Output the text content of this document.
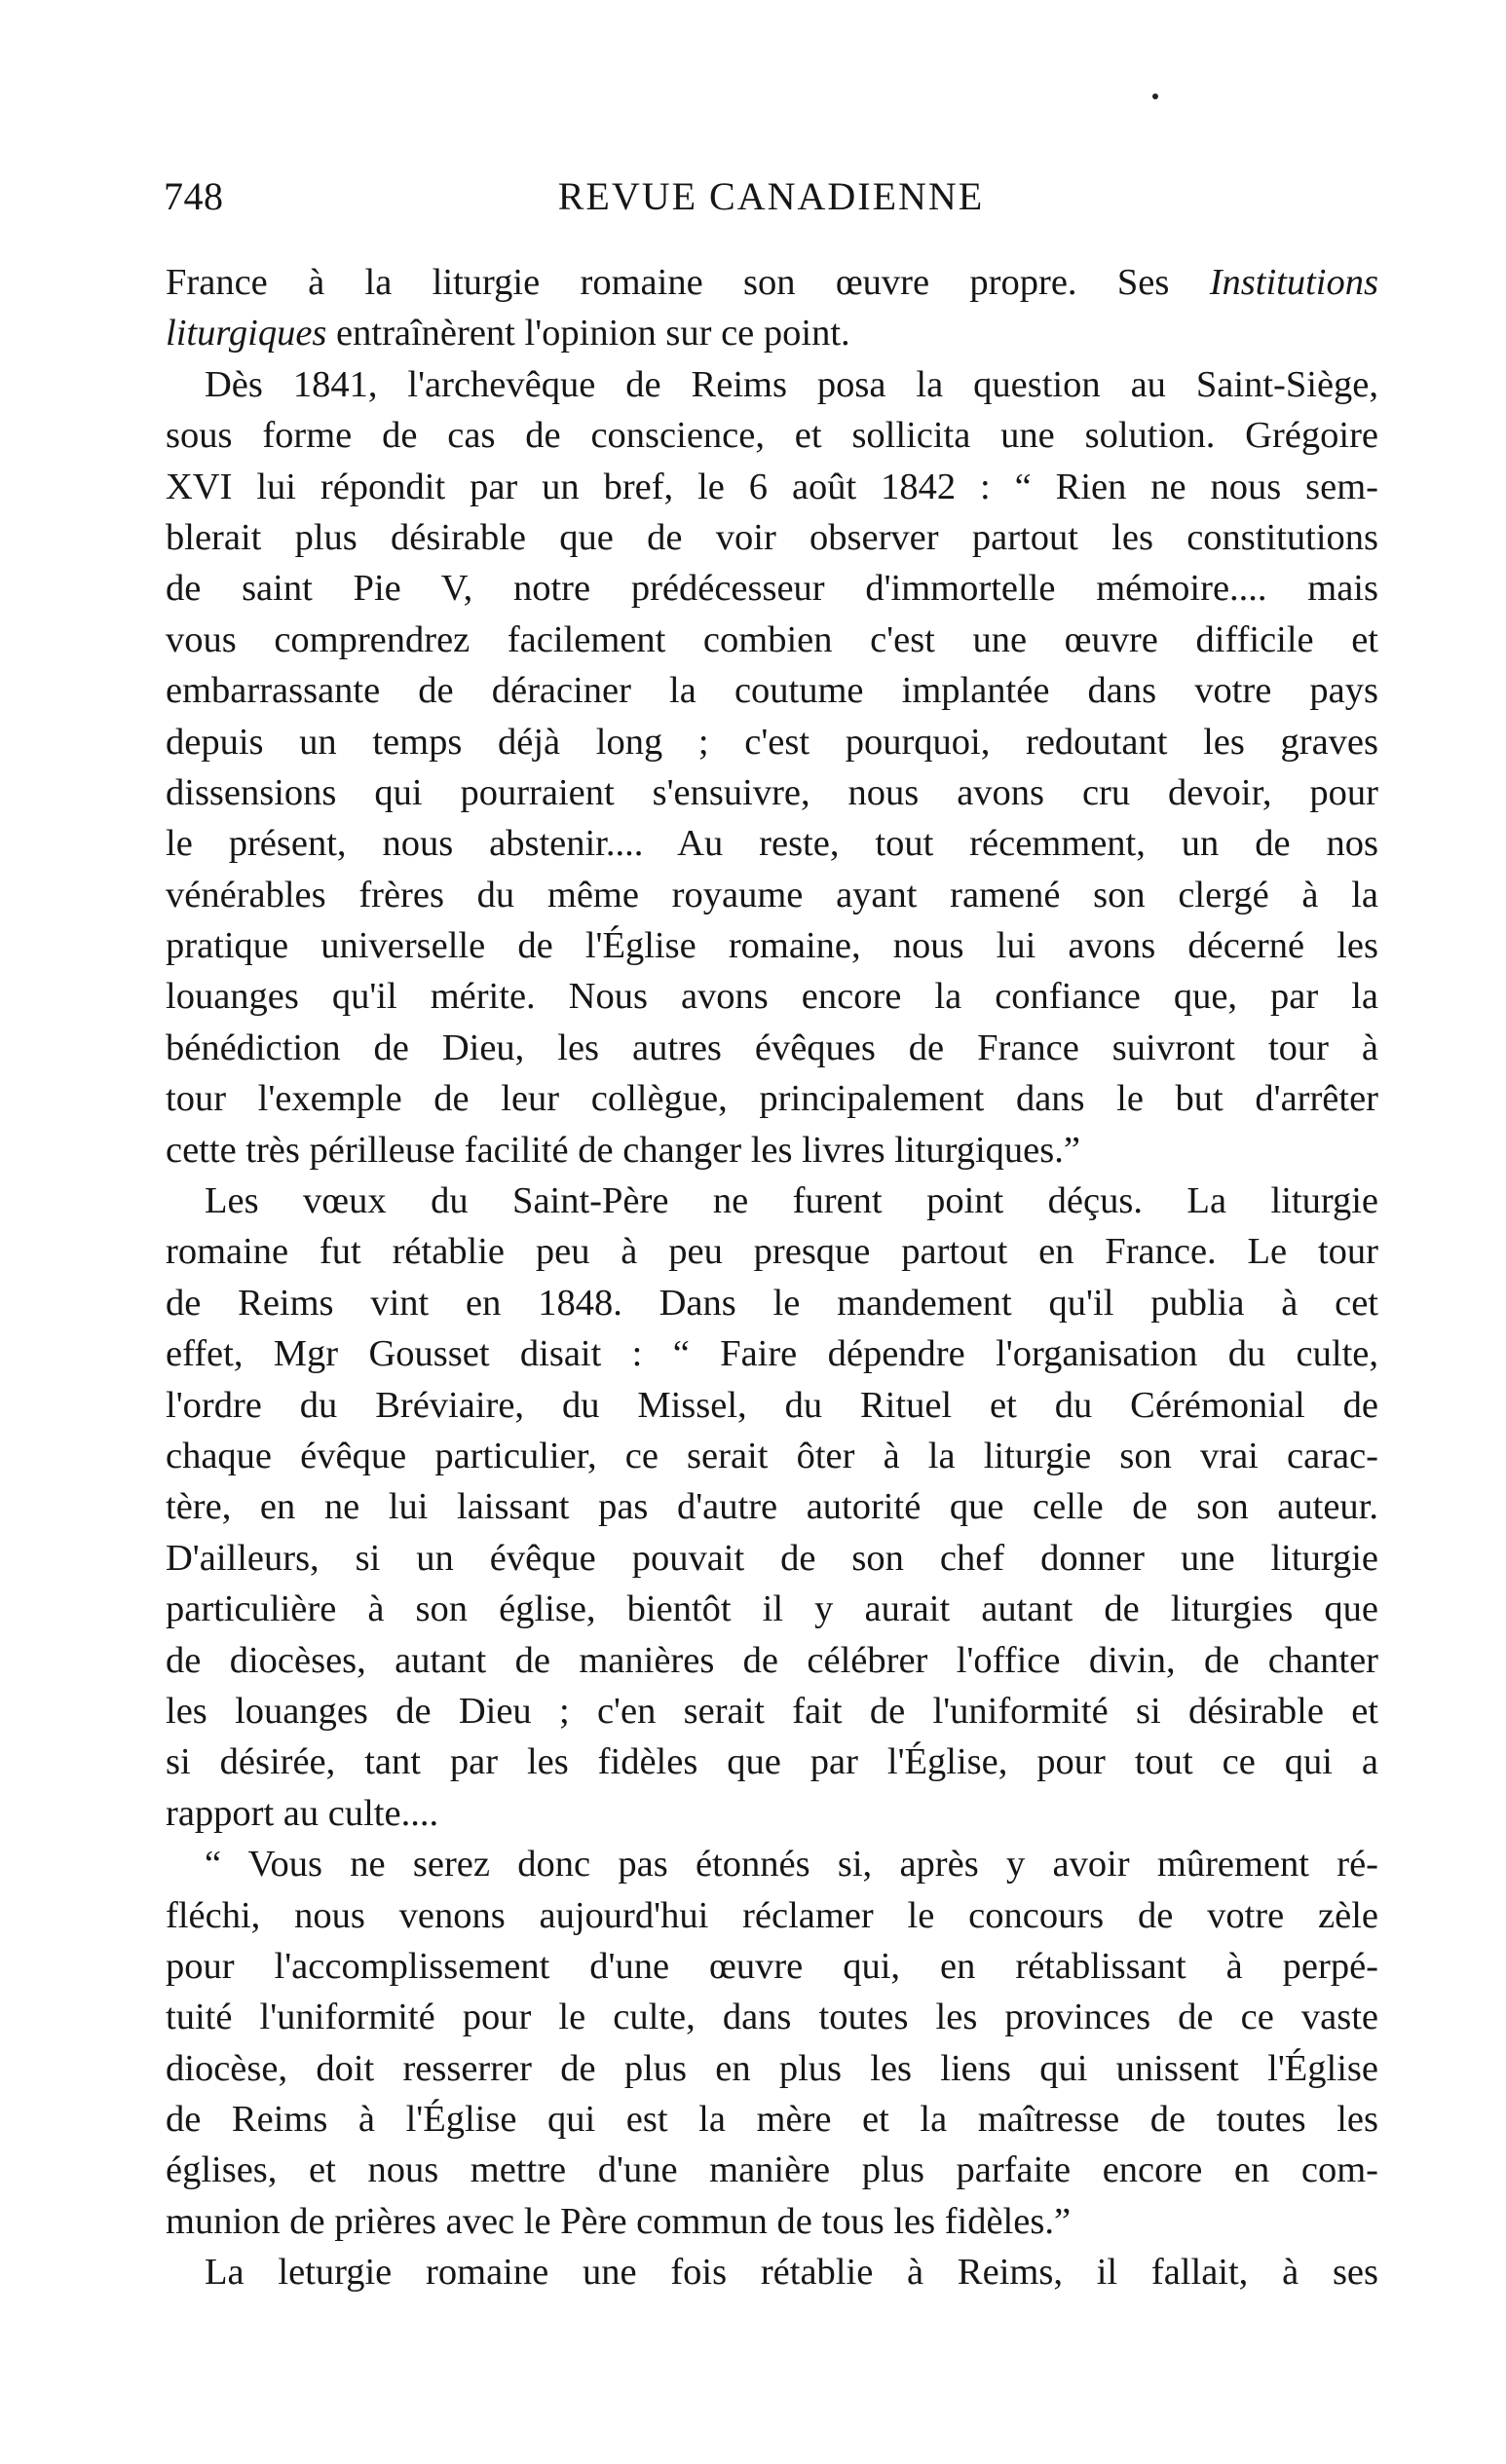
748	REVUE CANADIENNE
France à la liturgie romaine son œuvre propre. Ses Institutions
liturgiques entraînèrent l'opinion sur ce point.
Dès 1841, l'archevêque de Reims posa la question au Saint-Siège,
sous forme de cas de conscience, et sollicita une solution. Grégoire
XVI lui répondit par un bref, le 6 août 1842 : “ Rien ne nous sem-
blerait plus désirable que de voir observer partout les constitutions
de saint Pie V, notre prédécesseur d'immortelle mémoire.... mais
vous comprendrez facilement combien c'est une œuvre difficile et
embarrassante de déraciner la coutume implantée dans votre pays
depuis un temps déjà long ; c'est pourquoi, redoutant les graves
dissensions qui pourraient s'ensuivre, nous avons cru devoir, pour
le présent, nous abstenir.... Au reste, tout récemment, un de nos
vénérables frères du même royaume ayant ramené son clergé à la
pratique universelle de l'Église romaine, nous lui avons décerné les
louanges qu'il mérite. Nous avons encore la confiance que, par la
bénédiction de Dieu, les autres évêques de France suivront tour à
tour l'exemple de leur collègue, principalement dans le but d'arrêter
cette très périlleuse facilité de changer les livres liturgiques.”
Les vœux du Saint-Père ne furent point déçus. La liturgie
romaine fut rétablie peu à peu presque partout en France. Le tour
de Reims vint en 1848. Dans le mandement qu'il publia à cet
effet, Mgr Gousset disait : “ Faire dépendre l'organisation du culte,
l'ordre du Bréviaire, du Missel, du Rituel et du Cérémonial de
chaque évêque particulier, ce serait ôter à la liturgie son vrai carac-
tère, en ne lui laissant pas d'autre autorité que celle de son auteur.
D'ailleurs, si un évêque pouvait de son chef donner une liturgie
particulière à son église, bientôt il y aurait autant de liturgies que
de diocèses, autant de manières de célébrer l'office divin, de chanter
les louanges de Dieu ; c'en serait fait de l'uniformité si désirable et
si désirée, tant par les fidèles que par l'Église, pour tout ce qui a
rapport au culte....
“ Vous ne serez donc pas étonnés si, après y avoir mûrement ré-
fléchi, nous venons aujourd'hui réclamer le concours de votre zèle
pour l'accomplissement d'une œuvre qui, en rétablissant à perpé-
tuité l'uniformité pour le culte, dans toutes les provinces de ce vaste
diocèse, doit resserrer de plus en plus les liens qui unissent l'Église
de Reims à l'Église qui est la mère et la maîtresse de toutes les
églises, et nous mettre d'une manière plus parfaite encore en com-
munion de prières avec le Père commun de tous les fidèles.”
La leturgie romaine une fois rétablie à Reims, il fallait, à ses
